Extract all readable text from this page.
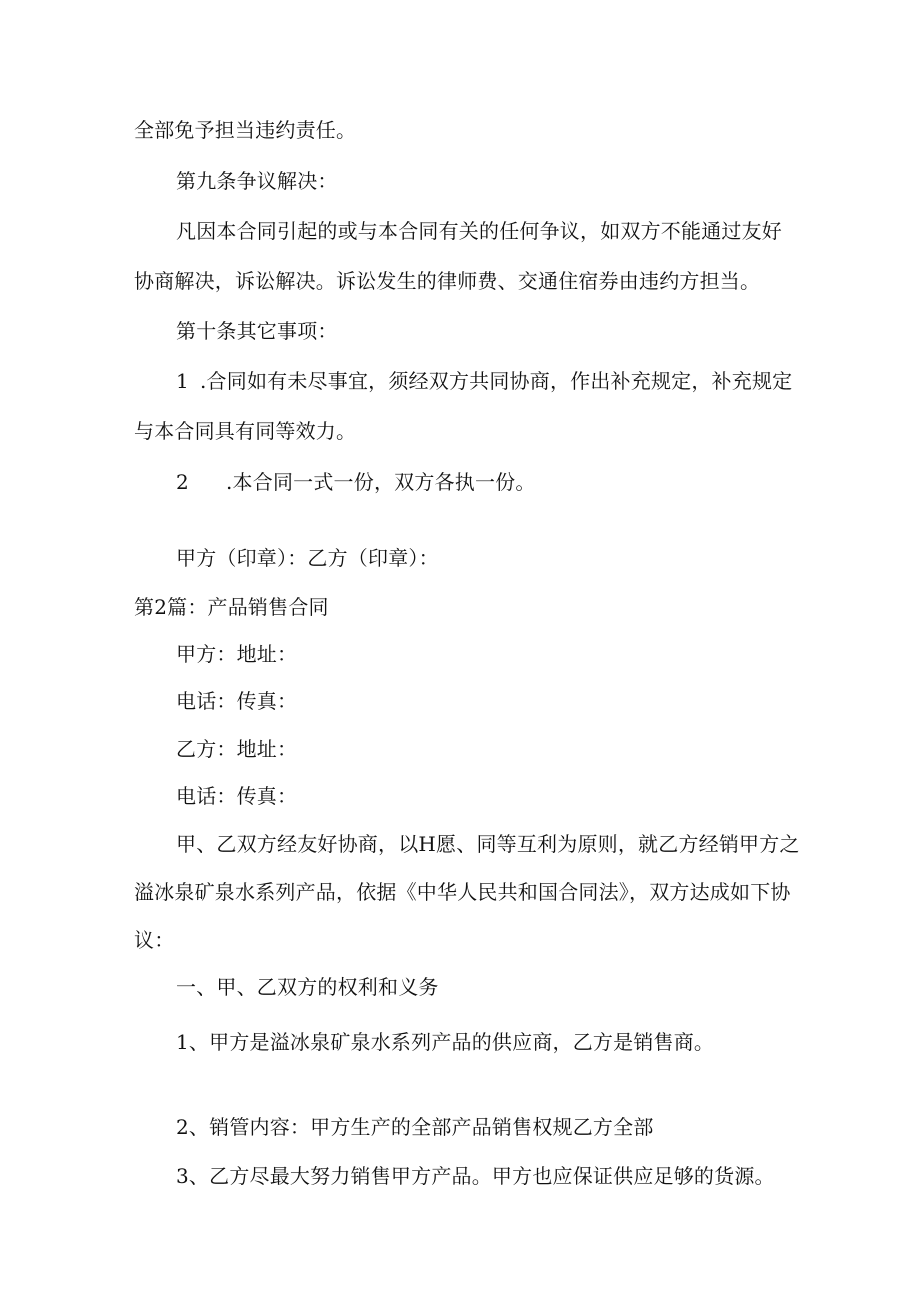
全部免予担当违约责任。
第九条争议解决：
凡因本合同引起的或与本合同有关的任何争议，如双方不能通过友好
协商解决，诉讼解决。诉讼发生的律师费、交通住宿券由违约方担当。
第十条其它事项：
1 .合同如有未尽事宜，须经双方共同协商，作出补充规定，补充规定
与本合同具有同等效力。
2 .本合同一式一份，双方各执一份。
甲方（印章）：乙方（印章）：
第2篇：产品销售合同
甲方：地址：
电话：传真：
乙方：地址：
电话：传真：
甲、乙双方经友好协商，以H愿、同等互利为原则，就乙方经销甲方之
溢冰泉矿泉水系列产品，依据《中华人民共和国合同法》，双方达成如下协
议：
一、甲、乙双方的权利和义务
1、甲方是溢冰泉矿泉水系列产品的供应商，乙方是销售商。
2、销管内容：甲方生产的全部产品销售权规乙方全部
3、乙方尽最大努力销售甲方产品。甲方也应保证供应足够的货源。
